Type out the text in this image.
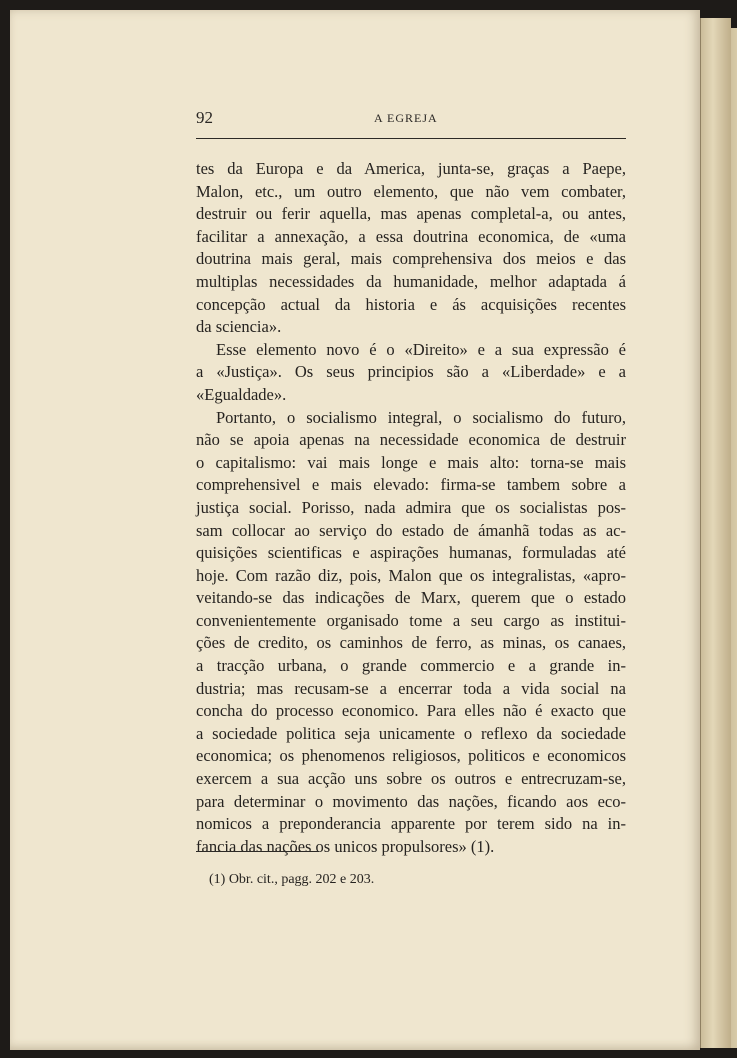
92	A EGREJA
tes da Europa e da America, junta-se, graças a Paepe,
Malon, etc., um outro elemento, que não vem combater,
destruir ou ferir aquella, mas apenas completal-a, ou antes,
facilitar a annexação, a essa doutrina economica, de «uma
doutrina mais geral, mais comprehensiva dos meios e das
multiplas necessidades da humanidade, melhor adaptada á
concepção actual da historia e ás acquisições recentes
da sciencia».
Esse elemento novo é o «Direito» e a sua expressão é
a «Justiça». Os seus principios são a «Liberdade» e a
«Egualdade».
Portanto, o socialismo integral, o socialismo do futuro,
não se apoia apenas na necessidade economica de destruir
o capitalismo: vai mais longe e mais alto: torna-se mais
comprehensivel e mais elevado: firma-se tambem sobre a
justiça social. Porisso, nada admira que os socialistas pos-
sam collocar ao serviço do estado de ámanhã todas as ac-
quisições scientificas e aspirações humanas, formuladas até
hoje. Com razão diz, pois, Malon que os integralistas, «apro-
veitando-se das indicações de Marx, querem que o estado
convenientemente organisado tome a seu cargo as institui-
ções de credito, os caminhos de ferro, as minas, os canaes,
a tracção urbana, o grande commercio e a grande in-
dustria; mas recusam-se a encerrar toda a vida social na
concha do processo economico. Para elles não é exacto que
a sociedade politica seja unicamente o reflexo da sociedade
economica; os phenomenos religiosos, politicos e economicos
exercem a sua acção uns sobre os outros e entrecruzam-se,
para determinar o movimento das nações, ficando aos eco-
nomicos a preponderancia apparente por terem sido na in-
fancia das nações os unicos propulsores» (1).
(1) Obr. cit., pagg. 202 e 203.
